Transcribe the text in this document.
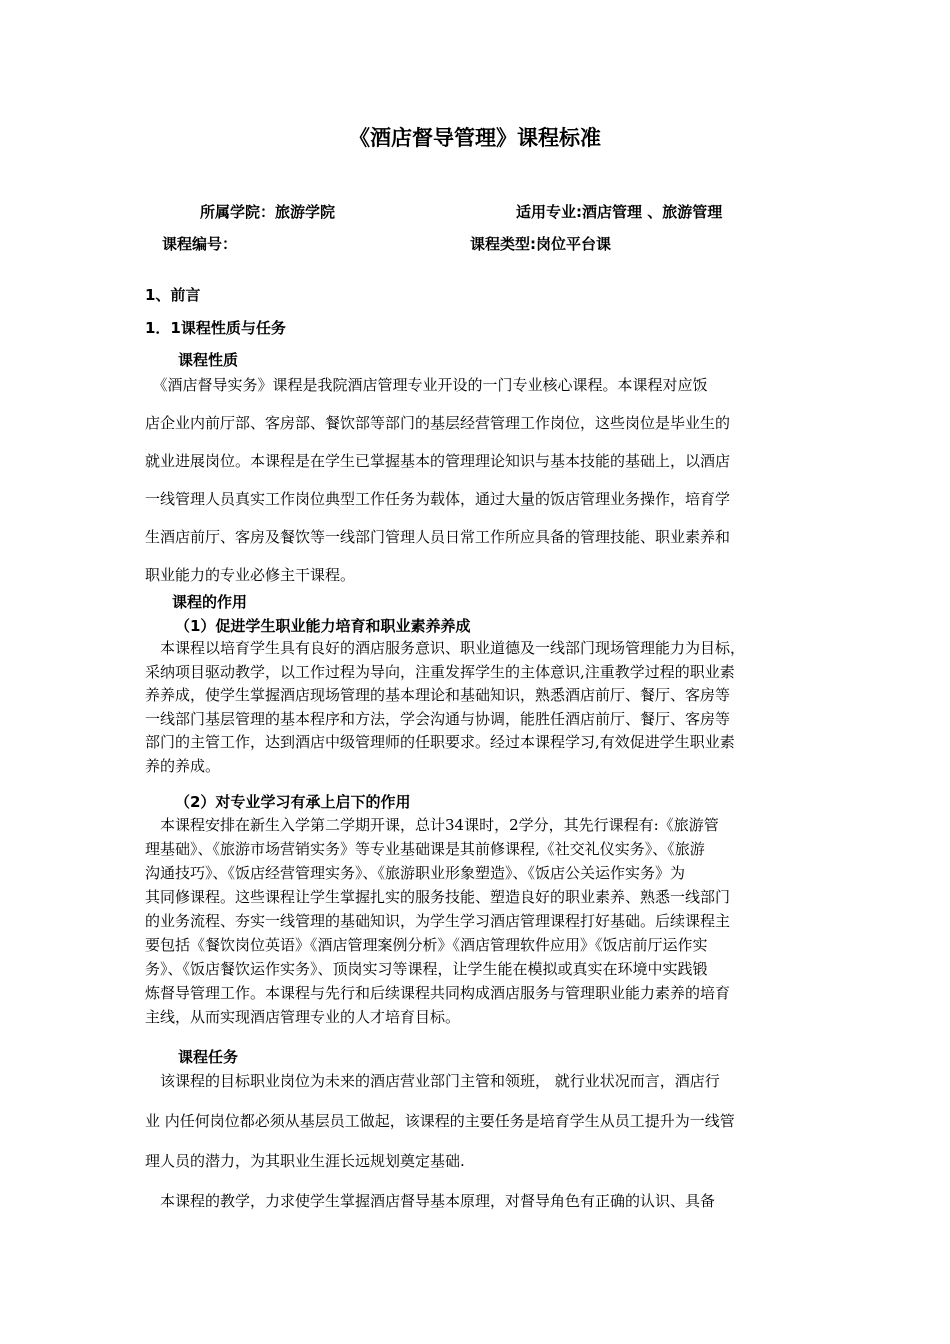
《酒店督导管理》课程标准
所属学院：旅游学院	适用专业:酒店管理 、旅游管理
课程编号：	课程类型:岗位平台课
1、前言
1．1课程性质与任务
课程性质
　《酒店督导实务》课程是我院酒店管理专业开设的一门专业核心课程。本课程对应饭
店企业内前厅部、客房部、餐饮部等部门的基层经营管理工作岗位，这些岗位是毕业生的
就业进展岗位。本课程是在学生已掌握基本的管理理论知识与基本技能的基础上，以酒店
一线管理人员真实工作岗位典型工作任务为载体，通过大量的饭店管理业务操作，培育学
生酒店前厅、客房及餐饮等一线部门管理人员日常工作所应具备的管理技能、职业素养和
职业能力的专业必修主干课程。
课程的作用
（1）促进学生职业能力培育和职业素养养成
　本课程以培育学生具有良好的酒店服务意识、职业道德及一线部门现场管理能力为目标，
采纳项目驱动教学，以工作过程为导向，注重发挥学生的主体意识,注重教学过程的职业素
养养成，使学生掌握酒店现场管理的基本理论和基础知识，熟悉酒店前厅、餐厅、客房等
一线部门基层管理的基本程序和方法，学会沟通与协调，能胜任酒店前厅、餐厅、客房等
部门的主管工作，达到酒店中级管理师的任职要求。经过本课程学习,有效促进学生职业素
养的养成。
（2）对专业学习有承上启下的作用
　本课程安排在新生入学第二学期开课，总计34课时，2学分，其先行课程有:《旅游管
理基础》、《旅游市场营销实务》等专业基础课是其前修课程,《社交礼仪实务》、《旅游
沟通技巧》、《饭店经营管理实务》、《旅游职业形象塑造》、《饭店公关运作实务》为
其同修课程。这些课程让学生掌握扎实的服务技能、塑造良好的职业素养、熟悉一线部门
的业务流程、夯实一线管理的基础知识，为学生学习酒店管理课程打好基础。后续课程主
要包括《餐饮岗位英语》《酒店管理案例分析》《酒店管理软件应用》《饭店前厅运作实
务》、《饭店餐饮运作实务》、顶岗实习等课程，让学生能在模拟或真实在环境中实践锻
炼督导管理工作。本课程与先行和后续课程共同构成酒店服务与管理职业能力素养的培育
主线，从而实现酒店管理专业的人才培育目标。
课程任务
　该课程的目标职业岗位为未来的酒店营业部门主管和领班， 就行业状况而言，酒店行
业 内任何岗位都必须从基层员工做起，该课程的主要任务是培育学生从员工提升为一线管
理人员的潜力，为其职业生涯长远规划奠定基础.
　本课程的教学，力求使学生掌握酒店督导基本原理，对督导角色有正确的认识、具备
